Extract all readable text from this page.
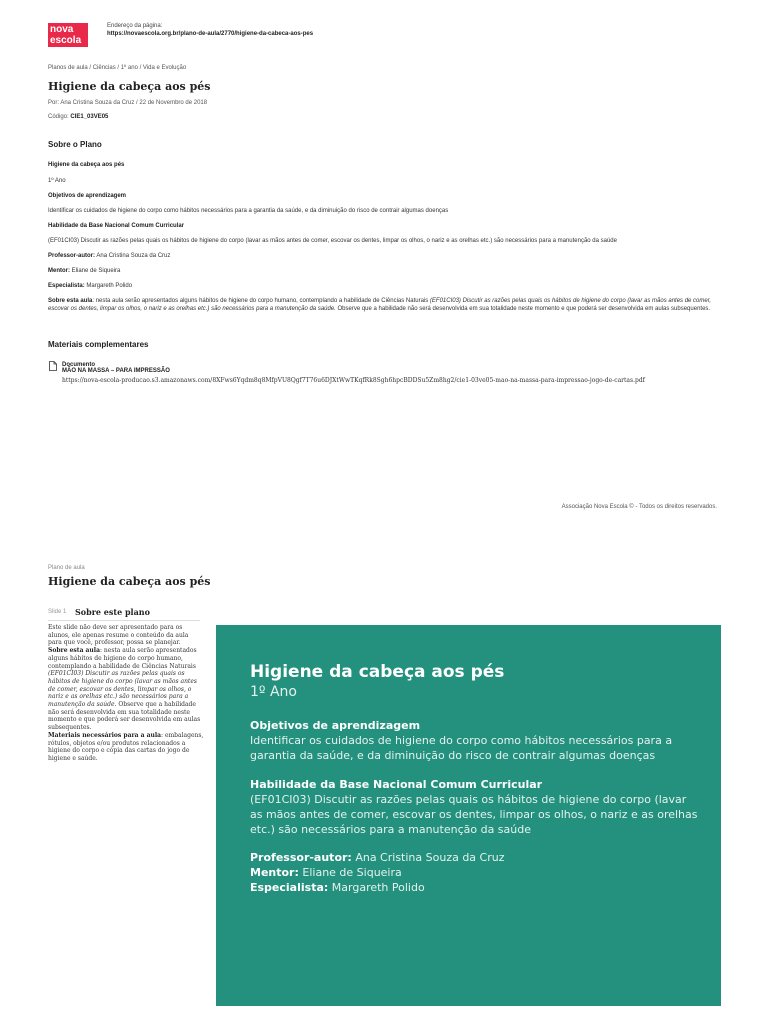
nova
escola
Endereço da página:
https://novaescola.org.br/plano-de-aula/2770/higiene-da-cabeca-aos-pes
Planos de aula / Ciências / 1º ano / Vida e Evolução
Higiene da cabeça aos pés
Por: Ana Cristina Souza da Cruz / 22 de Novembro de 2018
Código: CIE1_03VE05
Sobre o Plano
Higiene da cabeça aos pés
1º Ano
Objetivos de aprendizagem
Identificar os cuidados de higiene do corpo como hábitos necessários para a garantia da saúde, e da diminuição do risco de contrair algumas doenças
Habilidade da Base Nacional Comum Curricular
(EF01CI03) Discutir as razões pelas quais os hábitos de higiene do corpo (lavar as mãos antes de comer, escovar os dentes, limpar os olhos, o nariz e as orelhas etc.) são necessários para a manutenção da saúde
Professor-autor: Ana Cristina Souza da Cruz
Mentor: Eliane de Siqueira
Especialista: Margareth Polido
Sobre esta aula: nesta aula serão apresentados alguns hábitos de higiene do corpo humano, contemplando a habilidade de Ciências Naturais (EF01CI03) Discutir as razões pelas quais os hábitos de higiene do corpo (lavar as mãos antes de comer, escovar os dentes, limpar os olhos, o nariz e as orelhas etc.) são necessários para a manutenção da saúde. Observe que a habilidade não será desenvolvida em sua totalidade neste momento e que poderá ser desenvolvida em aulas subsequentes.
Materiais complementares
Documento
MÃO NA MASSA – PARA IMPRESSÃO
https://nova-escola-producao.s3.amazonaws.com/8XFws6Yqdm8q8MfpVU8Qgf7T76u6DJXtWwTKqfRk8Sgh6hpcBDDSu5Zm8hg2/cie1-03ve05-mao-na-massa-para-impressao-jogo-de-cartas.pdf
Associação Nova Escola © - Todos os direitos reservados.
Plano de aula
Higiene da cabeça aos pés
Slide 1 Sobre este plano
Este slide não deve ser apresentado para os alunos, ele apenas resume o conteúdo da aula para que você, professor, possa se planejar.
Sobre esta aula: nesta aula serão apresentados alguns hábitos de higiene do corpo humano, contemplando a habilidade de Ciências Naturais (EF01CI03) Discutir as razões pelas quais os hábitos de higiene do corpo (lavar as mãos antes de comer, escovar os dentes, limpar os olhos, o nariz e as orelhas etc.) são necessários para a manutenção da saúde. Observe que a habilidade não será desenvolvida em sua totalidade neste momento e que poderá ser desenvolvida em aulas subsequentes.
Materiais necessários para a aula: embalagens, rótulos, objetos e/ou produtos relacionados a higiene do corpo e cópia das cartas do jogo de higiene e saúde.
Higiene da cabeça aos pés
1º Ano
Objetivos de aprendizagem
Identificar os cuidados de higiene do corpo como hábitos necessários para a garantia da saúde, e da diminuição do risco de contrair algumas doenças
Habilidade da Base Nacional Comum Curricular
(EF01CI03) Discutir as razões pelas quais os hábitos de higiene do corpo (lavar as mãos antes de comer, escovar os dentes, limpar os olhos, o nariz e as orelhas etc.) são necessários para a manutenção da saúde
Professor-autor: Ana Cristina Souza da Cruz
Mentor: Eliane de Siqueira
Especialista: Margareth Polido
